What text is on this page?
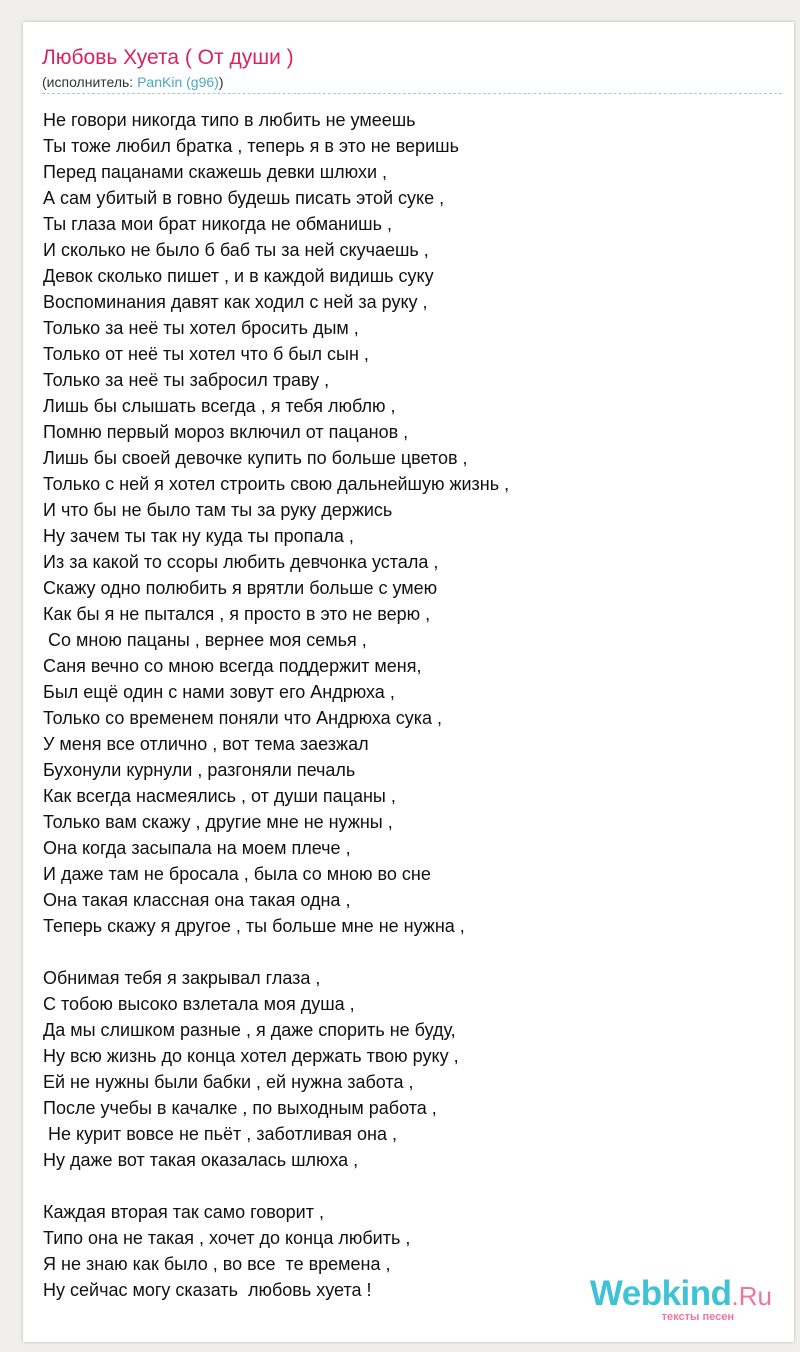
Любовь Хуета ( От души )
(исполнитель: PanKin (g96))
Не говори никогда типо в любить не умеешь
Ты тоже любил братка , теперь я в это не веришь
Перед пацанами скажешь девки шлюхи ,
А сам убитый в говно будешь писать этой суке ,
Ты глаза мои брат никогда не обманишь ,
И сколько не было б баб ты за ней скучаешь ,
Девок сколько пишет , и в каждой видишь суку
Воспоминания давят как ходил с ней за руку ,
Только за неё ты хотел бросить дым ,
Только от неё ты хотел что б был сын ,
Только за неё ты забросил траву ,
Лишь бы слышать всегда , я тебя люблю ,
Помню первый мороз включил от пацанов ,
Лишь бы своей девочке купить по больше цветов ,
Только с ней я хотел строить свою дальнейшую жизнь ,
И что бы не было там ты за руку держись
Ну зачем ты так ну куда ты пропала ,
Из за какой то ссоры любить девчонка устала ,
Скажу одно полюбить я врятли больше с умею
Как бы я не пытался , я просто в это не верю ,
Со мною пацаны , вернее моя семья ,
Саня вечно со мною всегда поддержит меня,
Был ещё один с нами зовут его Андрюха ,
Только со временем поняли что Андрюха сука ,
У меня все отлично , вот тема заезжал
Бухонули курнули , разгоняли печаль
Как всегда насмеялись , от души пацаны ,
Только вам скажу , другие мне не нужны ,
Она когда засыпала на моем плече ,
И даже там не бросала , была со мною во сне
Она такая классная она такая одна ,
Теперь скажу я другое , ты больше мне не нужна ,
Обнимая тебя я закрывал глаза ,
С тобою высоко взлетала моя душа ,
Да мы слишком разные , я даже спорить не буду,
Ну всю жизнь до конца хотел держать твою руку ,
Ей не нужны были бабки , ей нужна забота ,
После учебы в качалке , по выходным работа ,
Не курит вовсе не пьёт , заботливая она ,
Ну даже вот такая оказалась шлюха ,
Каждая вторая так само говорит ,
Типо она не такая , хочет до конца любить ,
Я не знаю как было , во все  те времена ,
Ну сейчас могу сказать  любовь хуета !	Webkind.Ru
тексты песен
